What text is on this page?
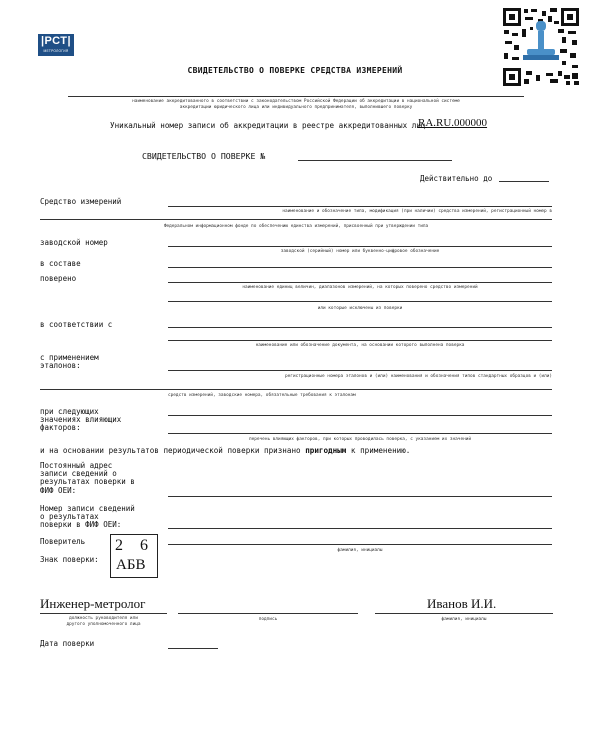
|РСТ|
МЕТРОЛОГИЯ
СВИДЕТЕЛЬСТВО О ПОВЕРКЕ СРЕДСТВА ИЗМЕРЕНИЙ
наименование аккредитованного в соответствии с законодательством Российской Федерации об аккредитации в национальной системе
аккредитации юридического лица или индивидуального предпринимателя, выполнившего поверку
Уникальный номер записи об аккредитации в реестре аккредитованных лиц
RA.RU.000000
СВИДЕТЕЛЬСТВО О ПОВЕРКЕ №
Действительно до
Средство измерений
наименование и обозначение типа, модификация (при наличии) средства измерений, регистрационный номер в
Федеральном информационном фонде по обеспечению единства измерений, присвоенный при утверждении типа
заводской номер
заводской (серийный) номер или буквенно-цифровое обозначение
в составе
поверено
наименование единиц величин, диапазонов измерений, на которых поверено средство измерений
или которые исключены из поверки
в соответствии с
наименование или обозначение документа, на основании которого выполнена поверка
с применением
эталонов:
регистрационные номера эталонов и (или) наименования и обозначения типов стандартных образцов и (или)
средств измерений, заводские номера, обязательные требования к эталонам
при следующих
значениях влияющих
факторов:
перечень влияющих факторов, при которых проводилась поверка, с указанием их значений
и на основании результатов периодической поверки признано пригодным к применению.
Постоянный адрес
записи сведений о
результатах поверки в
ФИФ ОЕИ:
Номер записи сведений
о результатах
поверки в ФИФ ОЕИ:
Поверитель
Знак поверки:
фамилия, инициалы
2 6
АБВ
Инженер-метролог	Иванов И.И.
должность руководителя или
другого уполномоченного лица
подпись	фамилия, инициалы
Дата поверки
